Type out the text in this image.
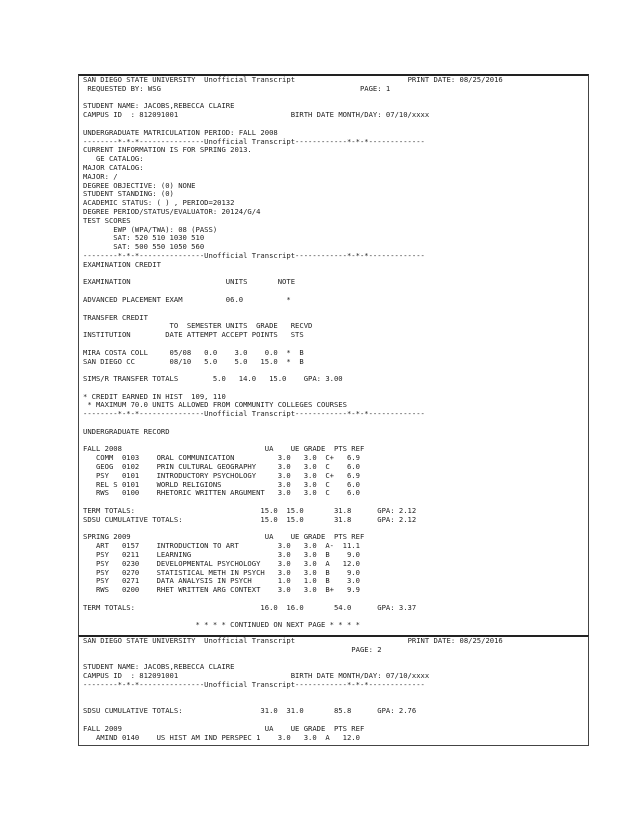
SAN DIEGO STATE UNIVERSITY  Unofficial Transcript	PRINT DATE: 08/25/2016
REQUESTED BY: WSG	PAGE: 1

STUDENT NAME: JACOBS,REBECCA CLAIRE
CAMPUS ID  : 812091001	BIRTH DATE MONTH/DAY: 07/10/xxxx

UNDERGRADUATE MATRICULATION PERIOD: FALL 2008
--------*-*-*---------------Unofficial Transcript------------*-*-*-------------
CURRENT INFORMATION IS FOR SPRING 2013.
GE CATALOG:
MAJOR CATALOG:
MAJOR: /
DEGREE OBJECTIVE: (0) NONE
STUDENT STANDING: (0)
ACADEMIC STATUS: ( ) , PERIOD=20132
DEGREE PERIOD/STATUS/EVALUATOR: 20124/G/4
TEST SCORES
EWP (WPA/TWA): 08 (PASS)
SAT: 520 510 1030 510
SAT: 500 550 1050 560
--------*-*-*---------------Unofficial Transcript------------*-*-*-------------
EXAMINATION CREDIT

EXAMINATION                      UNITS       NOTE

ADVANCED PLACEMENT EXAM          06.0          *

TRANSFER CREDIT
TO  SEMESTER UNITS  GRADE   RECVD
INSTITUTION        DATE ATTEMPT ACCEPT POINTS   STS

MIRA COSTA COLL     05/08   0.0    3.0    0.0  *  B
SAN DIEGO CC        08/10   5.0    5.0   15.0  *  B

SIMS/R TRANSFER TOTALS        5.0   14.0   15.0    GPA: 3.00

* CREDIT EARNED IN HIST  109, 110
* MAXIMUM 70.0 UNITS ALLOWED FROM COMMUNITY COLLEGES COURSES
--------*-*-*---------------Unofficial Transcript------------*-*-*-------------

UNDERGRADUATE RECORD

FALL 2008                                 UA    UE GRADE  PTS REF
COMM  0103    ORAL COMMUNICATION          3.0   3.0  C+   6.9
GEOG  0102    PRIN CULTURAL GEOGRAPHY     3.0   3.0  C    6.0
PSY   0101    INTRODUCTORY PSYCHOLOGY     3.0   3.0  C+   6.9
REL S 0101    WORLD RELIGIONS             3.0   3.0  C    6.0
RWS   0100    RHETORIC WRITTEN ARGUMENT   3.0   3.0  C    6.0

TERM TOTALS:                             15.0  15.0       31.8      GPA: 2.12
SDSU CUMULATIVE TOTALS:                  15.0  15.0       31.8      GPA: 2.12

SPRING 2009                               UA    UE GRADE  PTS REF
ART   0157    INTRODUCTION TO ART         3.0   3.0  A-  11.1
PSY   0211    LEARNING                    3.0   3.0  B    9.0
PSY   0230    DEVELOPMENTAL PSYCHOLOGY    3.0   3.0  A   12.0
PSY   0270    STATISTICAL METH IN PSYCH   3.0   3.0  B    9.0
PSY   0271    DATA ANALYSIS IN PSYCH      1.0   1.0  B    3.0
RWS   0200    RHET WRITTEN ARG CONTEXT    3.0   3.0  B+   9.9

TERM TOTALS:                             16.0  16.0       54.0      GPA: 3.37

* * * * CONTINUED ON NEXT PAGE * * * *
SAN DIEGO STATE UNIVERSITY  Unofficial Transcript	PRINT DATE: 08/25/2016
PAGE: 2

STUDENT NAME: JACOBS,REBECCA CLAIRE
CAMPUS ID  : 812091001	BIRTH DATE MONTH/DAY: 07/10/xxxx
--------*-*-*---------------Unofficial Transcript------------*-*-*-------------

SDSU CUMULATIVE TOTALS:                  31.0  31.0       85.8      GPA: 2.76

FALL 2009                                 UA    UE GRADE  PTS REF
AMIND 0140    US HIST AM IND PERSPEC 1    3.0   3.0  A   12.0
